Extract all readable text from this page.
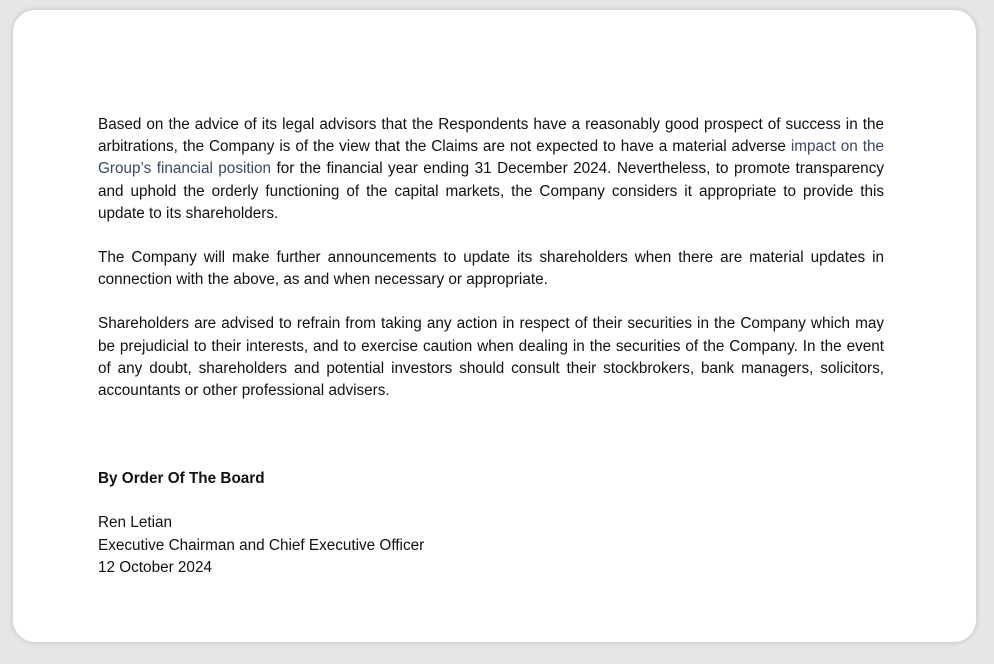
Based on the advice of its legal advisors that the Respondents have a reasonably good prospect of success in the arbitrations, the Company is of the view that the Claims are not expected to have a material adverse impact on the Group’s financial position for the financial year ending 31 December 2024. Nevertheless, to promote transparency and uphold the orderly functioning of the capital markets, the Company considers it appropriate to provide this update to its shareholders.

The Company will make further announcements to update its shareholders when there are material updates in connection with the above, as and when necessary or appropriate.

Shareholders are advised to refrain from taking any action in respect of their securities in the Company which may be prejudicial to their interests, and to exercise caution when dealing in the securities of the Company. In the event of any doubt, shareholders and potential investors should consult their stockbrokers, bank managers, solicitors, accountants or other professional advisers.

By Order Of The Board
Ren Letian
Executive Chairman and Chief Executive Officer
12 October 2024
